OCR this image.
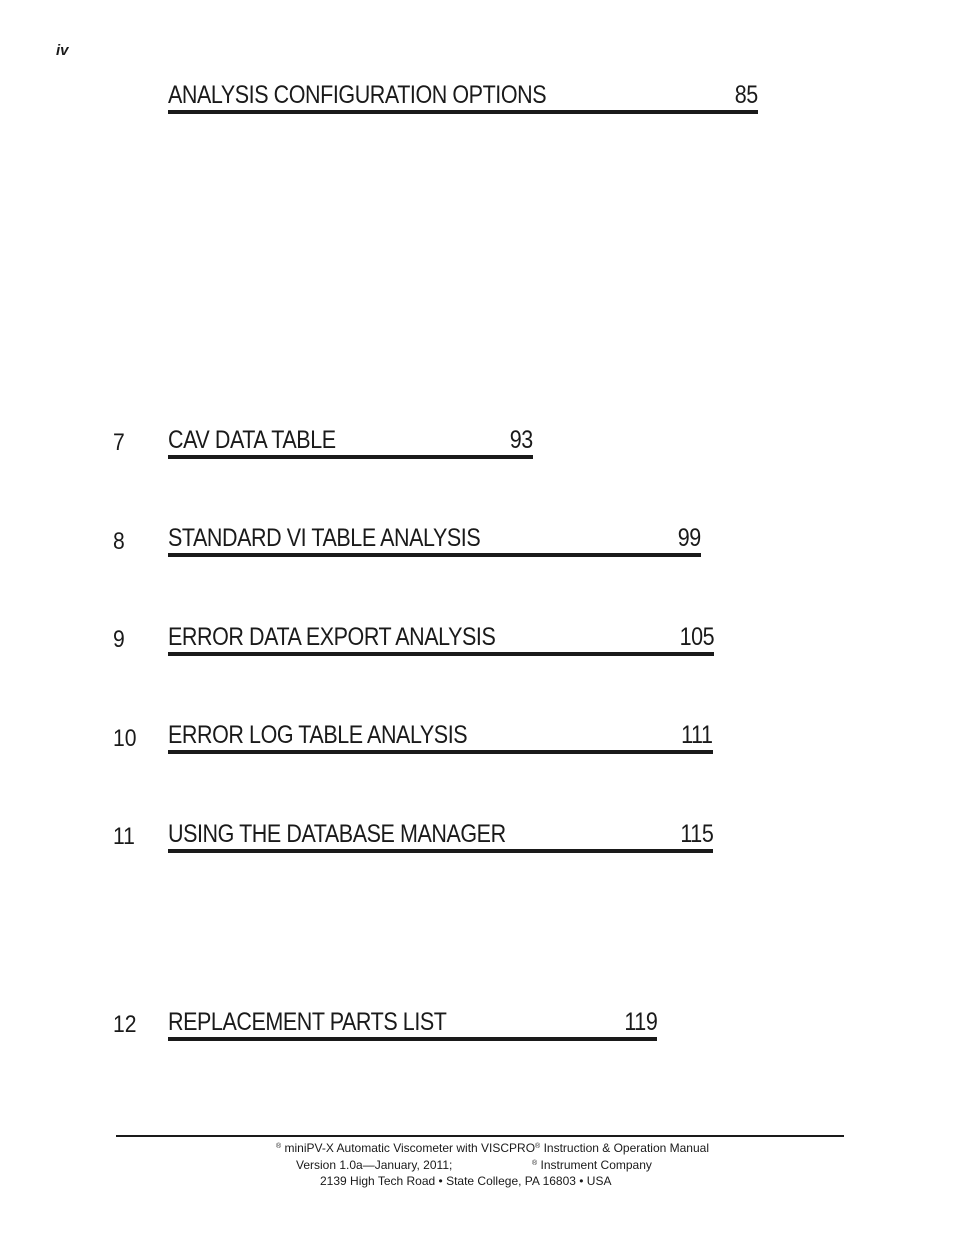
iv
ANALYSIS CONFIGURATION OPTIONS	85
7 CAV DATA TABLE	93
8 STANDARD VI TABLE ANALYSIS	99
9 ERROR DATA EXPORT ANALYSIS	105
10 ERROR LOG TABLE ANALYSIS	111
11 USING THE DATABASE MANAGER	115
12 REPLACEMENT PARTS LIST	119
® miniPV-X Automatic Viscometer with VISCPRO® Instruction & Operation Manual
Version 1.0a—January, 2011;	® Instrument Company
2139 High Tech Road • State College, PA 16803 • USA
